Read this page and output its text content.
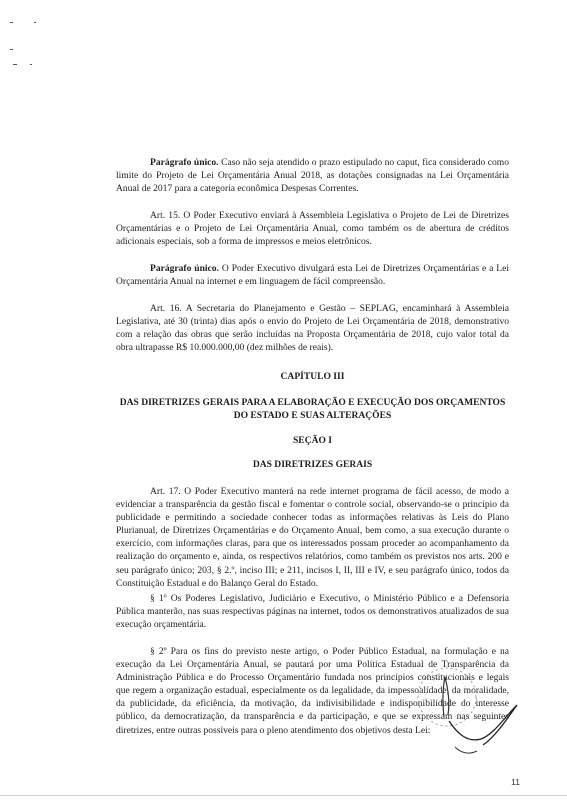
Parágrafo único. Caso não seja atendido o prazo estipulado no caput, fica considerado como limite do Projeto de Lei Orçamentária Anual 2018, as dotações consignadas na Lei Orçamentária Anual de 2017 para a categoria econômica Despesas Correntes.

Art. 15. O Poder Executivo enviará à Assembleia Legislativa o Projeto de Lei de Diretrizes Orçamentárias e o Projeto de Lei Orçamentária Anual, como também os de abertura de créditos adicionais especiais, sob a forma de impressos e meios eletrônicos.

Parágrafo único. O Poder Executivo divulgará esta Lei de Diretrizes Orçamentárias e a Lei Orçamentária Anual na internet e em linguagem de fácil compreensão.

Art. 16. A Secretaria do Planejamento e Gestão – SEPLAG, encaminhará à Assembleia Legislativa, até 30 (trinta) dias após o envio do Projeto de Lei Orçamentária de 2018, demonstrativo com a relação das obras que serão incluídas na Proposta Orçamentária de 2018, cujo valor total da obra ultrapasse R$ 10.000.000,00 (dez milhões de reais).

CAPÍTULO III

DAS DIRETRIZES GERAIS PARA A ELABORAÇÃO E EXECUÇÃO DOS ORÇAMENTOS DO ESTADO E SUAS ALTERAÇÕES

SEÇÃO I

DAS DIRETRIZES GERAIS

Art. 17. O Poder Executivo manterá na rede internet programa de fácil acesso, de modo a evidenciar a transparência da gestão fiscal e fomentar o controle social, observando-se o princípio da publicidade e permitindo a sociedade conhecer todas as informações relativas às Leis do Plano Plurianual, de Diretrizes Orçamentárias e do Orçamento Anual, bem como, a sua execução durante o exercício, com informações claras, para que os interessados possam proceder ao acompanhamento da realização do orçamento e, ainda, os respectivos relatórios, como também os previstos nos arts. 200 e seu parágrafo único; 203, § 2.º, inciso III; e 211, incisos I, II, III e IV, e seu parágrafo único, todos da Constituição Estadual e do Balanço Geral do Estado.

§ 1º Os Poderes Legislativo, Judiciário e Executivo, o Ministério Público e a Defensoria Pública manterão, nas suas respectivas páginas na internet, todos os demonstrativos atualizados de sua execução orçamentária.

§ 2º Para os fins do previsto neste artigo, o Poder Público Estadual, na formulação e na execução da Lei Orçamentária Anual, se pautará por uma Política Estadual de Transparência da Administração Pública e do Processo Orçamentário fundada nos princípios constitucionais e legais que regem a organização estadual, especialmente os da legalidade, da impessoalidade, da moralidade, da publicidade, da eficiência, da motivação, da indivisibilidade e indisponibilidade do interesse público, da democratização, da transparência e da participação, e que se expressam nas seguintes diretrizes, entre outras possíveis para o pleno atendimento dos objetivos desta Lei:

11
